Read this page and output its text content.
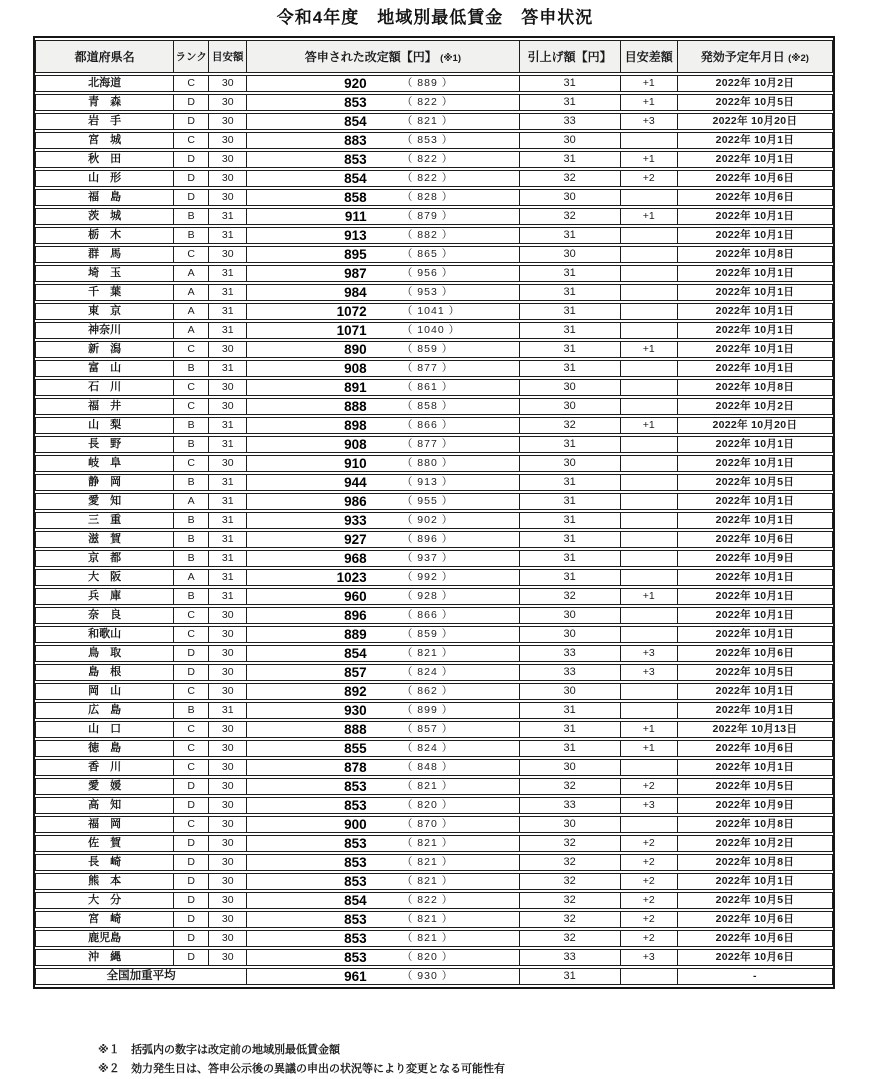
令和4年度　地域別最低賃金　答申状況
都道府県名	ランク	目安額	答申された改定額【円】 (※1)	引上げ額【円】	目安差額	発効予定年月日 (※2)
北海道	C	30	920 （ 889 ）	31	+1	2022年 10月2日
青　森	D	30	853 （ 822 ）	31	+1	2022年 10月5日
岩　手	D	30	854 （ 821 ）	33	+3	2022年 10月20日
宮　城	C	30	883 （ 853 ）	30		2022年 10月1日
秋　田	D	30	853 （ 822 ）	31	+1	2022年 10月1日
山　形	D	30	854 （ 822 ）	32	+2	2022年 10月6日
福　島	D	30	858 （ 828 ）	30		2022年 10月6日
茨　城	B	31	911 （ 879 ）	32	+1	2022年 10月1日
栃　木	B	31	913 （ 882 ）	31		2022年 10月1日
群　馬	C	30	895 （ 865 ）	30		2022年 10月8日
埼　玉	A	31	987 （ 956 ）	31		2022年 10月1日
千　葉	A	31	984 （ 953 ）	31		2022年 10月1日
東　京	A	31	1072 （ 1041 ）	31		2022年 10月1日
神奈川	A	31	1071 （ 1040 ）	31		2022年 10月1日
新　潟	C	30	890 （ 859 ）	31	+1	2022年 10月1日
富　山	B	31	908 （ 877 ）	31		2022年 10月1日
石　川	C	30	891 （ 861 ）	30		2022年 10月8日
福　井	C	30	888 （ 858 ）	30		2022年 10月2日
山　梨	B	31	898 （ 866 ）	32	+1	2022年 10月20日
長　野	B	31	908 （ 877 ）	31		2022年 10月1日
岐　阜	C	30	910 （ 880 ）	30		2022年 10月1日
静　岡	B	31	944 （ 913 ）	31		2022年 10月5日
愛　知	A	31	986 （ 955 ）	31		2022年 10月1日
三　重	B	31	933 （ 902 ）	31		2022年 10月1日
滋　賀	B	31	927 （ 896 ）	31		2022年 10月6日
京　都	B	31	968 （ 937 ）	31		2022年 10月9日
大　阪	A	31	1023 （ 992 ）	31		2022年 10月1日
兵　庫	B	31	960 （ 928 ）	32	+1	2022年 10月1日
奈　良	C	30	896 （ 866 ）	30		2022年 10月1日
和歌山	C	30	889 （ 859 ）	30		2022年 10月1日
鳥　取	D	30	854 （ 821 ）	33	+3	2022年 10月6日
島　根	D	30	857 （ 824 ）	33	+3	2022年 10月5日
岡　山	C	30	892 （ 862 ）	30		2022年 10月1日
広　島	B	31	930 （ 899 ）	31		2022年 10月1日
山　口	C	30	888 （ 857 ）	31	+1	2022年 10月13日
徳　島	C	30	855 （ 824 ）	31	+1	2022年 10月6日
香　川	C	30	878 （ 848 ）	30		2022年 10月1日
愛　媛	D	30	853 （ 821 ）	32	+2	2022年 10月5日
高　知	D	30	853 （ 820 ）	33	+3	2022年 10月9日
福　岡	C	30	900 （ 870 ）	30		2022年 10月8日
佐　賀	D	30	853 （ 821 ）	32	+2	2022年 10月2日
長　崎	D	30	853 （ 821 ）	32	+2	2022年 10月8日
熊　本	D	30	853 （ 821 ）	32	+2	2022年 10月1日
大　分	D	30	854 （ 822 ）	32	+2	2022年 10月5日
宮　崎	D	30	853 （ 821 ）	32	+2	2022年 10月6日
鹿児島	D	30	853 （ 821 ）	32	+2	2022年 10月6日
沖　縄	D	30	853 （ 820 ）	33	+3	2022年 10月6日
全国加重平均			961 （ 930 ）	31		-
※１ 括弧内の数字は改定前の地域別最低賃金額
※２ 効力発生日は、答申公示後の異議の申出の状況等により変更となる可能性有
